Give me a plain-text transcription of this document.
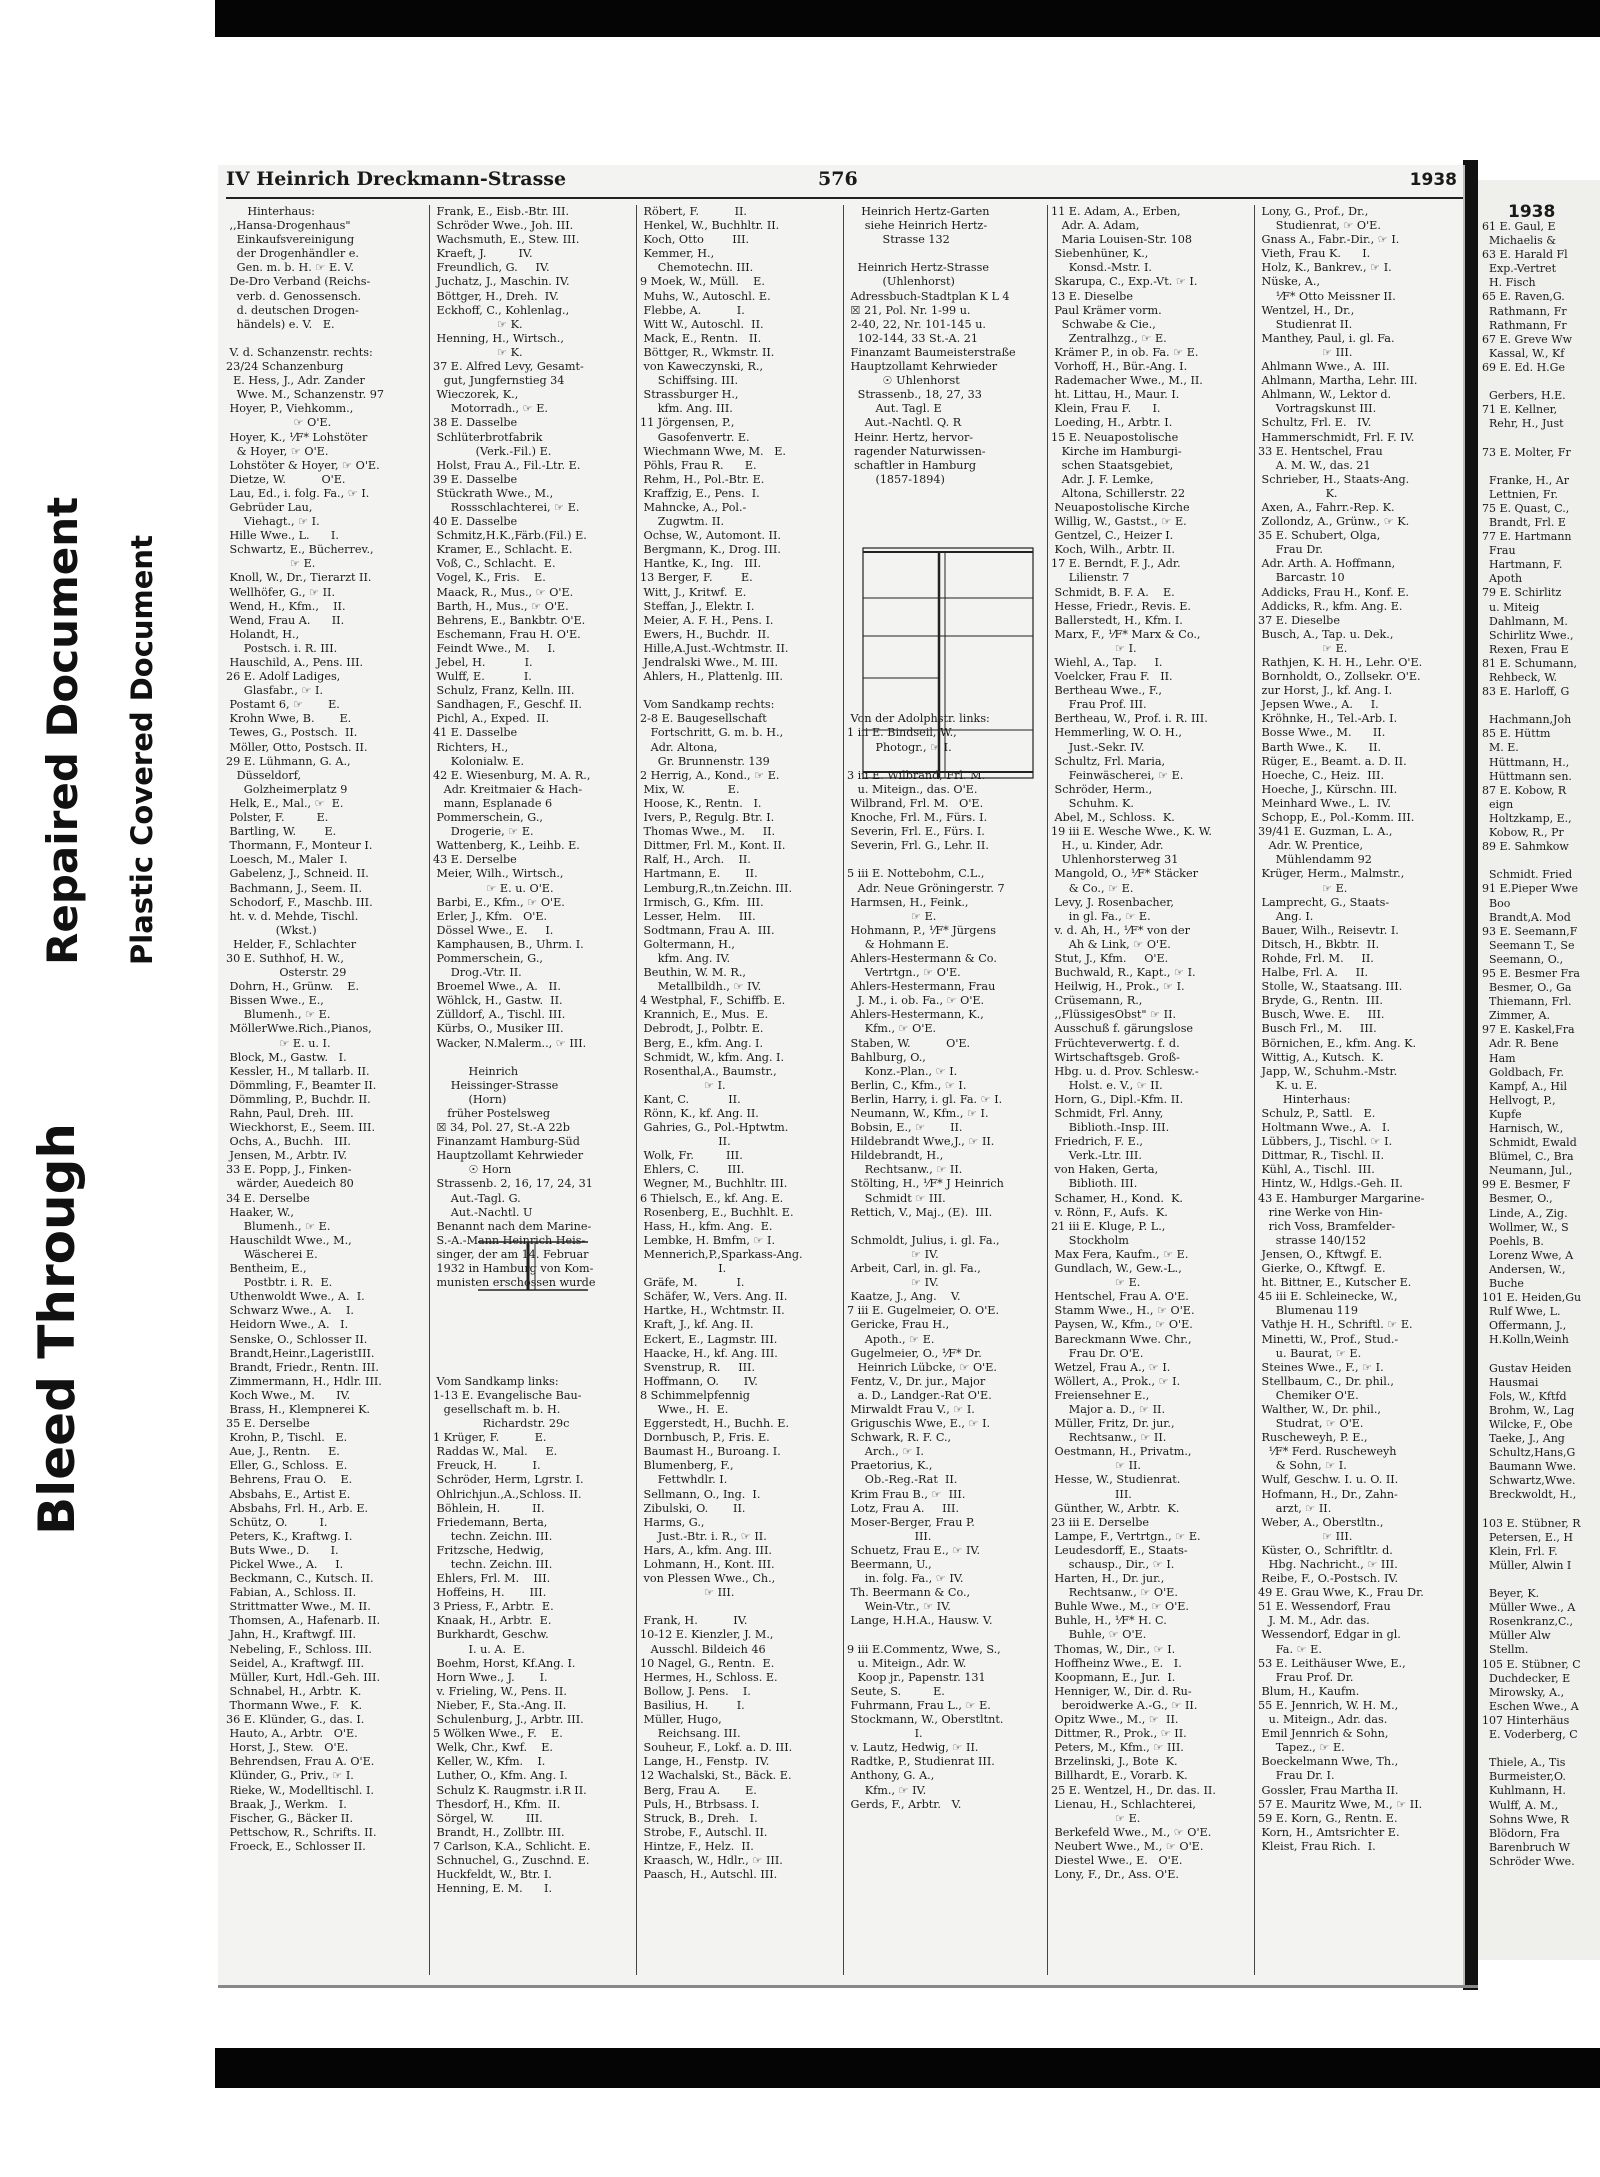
Bleed Through
Repaired Document Plastic Covered Document
IV Heinrich Dreckmann-Strasse	576	1938
Hinterhaus:
,,Hansa-Drogenhaus"
Einkaufsvereinigung
der Drogenhändler e.
Gen. m. b. H. ☞ E. V.
De-Dro Verband (Reichs-
verb. d. Genossensch.
d. deutschen Drogen-
händels) e. V.   E.

V. d. Schanzenstr. rechts:
23/24 Schanzenburg
E. Hess, J., Adr. Zander
Wwe. M., Schanzenstr. 97
Hoyer, P., Viehkomm.,
☞ O'E.
Hoyer, K., ⅟F* Lohstöter
& Hoyer, ☞ O'E.
Lohstöter & Hoyer, ☞ O'E.
Dietze, W.          O'E.
Lau, Ed., i. folg. Fa., ☞ I.
Gebrüder Lau,
Viehagt., ☞ I.
Hille Wwe., L.      I.
Schwartz, E., Bücherrev.,
☞ E.
Knoll, W., Dr., Tierarzt II.
Wellhöfer, G., ☞ II.
Wend, H., Kfm.,    II.
Wend, Frau A.      II.
Holandt, H.,
Postsch. i. R. III.
Hauschild, A., Pens. III.
26 E. Adolf Ladiges,
Glasfabr., ☞ I.
Postamt 6, ☞       E.
Krohn Wwe, B.       E.
Tewes, G., Postsch.  II.
Möller, Otto, Postsch. II.
29 E. Lühmann, G. A.,
Düsseldorf,
Golzheimerplatz 9
Helk, E., Mal., ☞  E.
Polster, F.         E.
Bartling, W.        E.
Thormann, F., Monteur I.
Loesch, M., Maler  I.
Gabelenz, J., Schneid. II.
Bachmann, J., Seem. II.
Schodorf, F., Maschb. III.
ht. v. d. Mehde, Tischl.
(Wkst.)
Helder, F., Schlachter
30 E. Suthhof, H. W.,
Osterstr. 29
Dohrn, H., Grünw.    E.
Bissen Wwe., E.,
Blumenh., ☞ E.
MöllerWwe.Rich.,Pianos,
☞ E. u. I.
Block, M., Gastw.   I.
Kessler, H., M tallarb. II.
Dömmling, F., Beamter II.
Dömmling, P., Buchdr. II.
Rahn, Paul, Dreh.  III.
Wieckhorst, E., Seem. III.
Ochs, A., Buchh.   III.
Jensen, M., Arbtr. IV.
33 E. Popp, J., Finken-
wärder, Auedeich 80
34 E. Derselbe
Haaker, W.,
Blumenh., ☞ E.
Hauschildt Wwe., M.,
Wäscherei E.
Bentheim, E.,
Postbtr. i. R.  E.
Uthenwoldt Wwe., A.  I.
Schwarz Wwe., A.    I.
Heidorn Wwe., A.   I.
Senske, O., Schlosser II.
Brandt,Heinr.,LageristIII.
Brandt, Friedr., Rentn. III.
Zimmermann, H., Hdlr. III.
Koch Wwe., M.      IV.
Brass, H., Klempnerei K.
35 E. Derselbe
Krohn, P., Tischl.   E.
Aue, J., Rentn.     E.
Eller, G., Schloss.  E.
Behrens, Frau O.    E.
Absbahs, E., Artist E.
Absbahs, Frl. H., Arb. E.
Schütz, O.         I.
Peters, K., Kraftwg. I.
Buts Wwe., D.      I.
Pickel Wwe., A.     I.
Beckmann, C., Kutsch. II.
Fabian, A., Schloss. II.
Strittmatter Wwe., M. II.
Thomsen, A., Hafenarb. II.
Jahn, H., Kraftwgf. III.
Nebeling, F., Schloss. III.
Seidel, A., Kraftwgf. III.
Müller, Kurt, Hdl.-Geh. III.
Schnabel, H., Arbtr.  K.
Thormann Wwe., F.   K.
36 E. Klünder, G., das. I.
Hauto, A., Arbtr.   O'E.
Horst, J., Stew.   O'E.
Behrendsen, Frau A. O'E.
Klünder, G., Priv., ☞ I.
Rieke, W., Modelltischl. I.
Braak, J., Werkm.   I.
Fischer, G., Bäcker II.
Pettschow, R., Schrifts. II.
Froeck, E., Schlosser II.
Frank, E., Eisb.-Btr. III.
Schröder Wwe., Joh. III.
Wachsmuth, E., Stew. III.
Kraeft, J.         IV.
Freundlich, G.     IV.
Juchatz, J., Maschin. IV.
Böttger, H., Dreh.  IV.
Eckhoff, C., Kohlenlag.,
☞ K.
Henning, H., Wirtsch.,
☞ K.
37 E. Alfred Levy, Gesamt-
gut, Jungfernstieg 34
Wieczorek, K.,
Motorradh., ☞ E.
38 E. Dasselbe
Schlüterbrotfabrik
(Verk.-Fil.) E.
Holst, Frau A., Fil.-Ltr. E.
39 E. Dasselbe
Stückrath Wwe., M.,
Rossschlachterei, ☞ E.
40 E. Dasselbe
Schmitz,H.K.,Färb.(Fil.) E.
Kramer, E., Schlacht. E.
Voß, C., Schlacht.  E.
Vogel, K., Fris.    E.
Maack, R., Mus., ☞ O'E.
Barth, H., Mus., ☞ O'E.
Behrens, E., Bankbtr. O'E.
Eschemann, Frau H. O'E.
Feindt Wwe., M.     I.
Jebel, H.           I.
Wulff, E.           I.
Schulz, Franz, Kelln. III.
Sandhagen, F., Geschf. II.
Pichl, A., Exped.  II.
41 E. Dasselbe
Richters, H.,
Kolonialw. E.
42 E. Wiesenburg, M. A. R.,
Adr. Kreitmaier & Hach-
mann, Esplanade 6
Pommerschein, G.,
Drogerie, ☞ E.
Wattenberg, K., Leihb. E.
43 E. Derselbe
Meier, Wilh., Wirtsch.,
☞ E. u. O'E.
Barbi, E., Kfm., ☞ O'E.
Erler, J., Kfm.   O'E.
Dössel Wwe., E.     I.
Kamphausen, B., Uhrm. I.
Pommerschein, G.,
Drog.-Vtr. II.
Broemel Wwe., A.   II.
Wöhlck, H., Gastw.  II.
Zülldorf, A., Tischl. III.
Kürbs, O., Musiker III.
Wacker, N.Malerm.., ☞ III.

Heinrich
Heissinger-Strasse
(Horn)
früher Postelsweg
☒ 34, Pol. 27, St.-A 22b
Finanzamt Hamburg-Süd
Hauptzollamt Kehrwieder
☉ Horn
Strassenb. 2, 16, 17, 24, 31
Aut.-Tagl. G.
Aut.-Nachtl. U
Benannt nach dem Marine-
S.-A.-Mann Heinrich Heis-
singer, der am 14. Februar
1932 in Hamburg von Kom-
munisten erschossen wurde

Vom Sandkamp links:
1-13 E. Evangelische Bau-
gesellschaft m. b. H.
Richardstr. 29c
1 Krüger, F.          E.
Raddas W., Mal.     E.
Freuck, H.          I.
Schröder, Herm, Lgrstr. I.
Ohlrichjun.,A.,Schloss. II.
Böhlein, H.         II.
Friedemann, Berta,
techn. Zeichn. III.
Fritzsche, Hedwig,
techn. Zeichn. III.
Ehlers, Frl. M.    III.
Hoffeins, H.       III.
3 Priess, F., Arbtr.  E.
Knaak, H., Arbtr.  E.
Burkhardt, Geschw.
I. u. A.  E.
Boehm, Horst, Kf.Ang. I.
Horn Wwe., J.       I.
v. Frieling, W., Pens. II.
Nieber, F., Sta.-Ang. II.
Schulenburg, J., Arbtr. III.
5 Wölken Wwe., F.    E.
Welk, Chr., Kwf.    E.
Keller, W., Kfm.    I.
Luther, O., Kfm. Ang. I.
Schulz K. Raugmstr. i.R II.
Thesdorf, H., Kfm.  II.
Sörgel, W.         III.
Brandt, H., Zollbtr. III.
7 Carlson, K.A., Schlicht. E.
Schnuchel, G., Zuschnd. E.
Huckfeldt, W., Btr. I.
Henning, E. M.      I.
Röbert, F.          II.
Henkel, W., Buchhltr. II.
Koch, Otto        III.
Kemmer, H.,
Chemotechn. III.
9 Moek, W., Müll.    E.
Muhs, W., Autoschl. E.
Flebbe, A.          I.
Witt W., Autoschl.  II.
Mack, E., Rentn.   II.
Böttger, R., Wkmstr. II.
von Kaweczynski, R.,
Schiffsing. III.
Strassburger H.,
kfm. Ang. III.
11 Jörgensen, P.,
Gasofenvertr. E.
Wiechmann Wwe, M.   E.
Pöhls, Frau R.      E.
Rehm, H., Pol.-Btr. E.
Kraffzig, E., Pens.  I.
Mahncke, A., Pol.-
Zugwtm. II.
Ochse, W., Automont. II.
Bergmann, K., Drog. III.
Hantke, K., Ing.   III.
13 Berger, F.        E.
Witt, J., Kritwf.  E.
Steffan, J., Elektr. I.
Meier, A. F. H., Pens. I.
Ewers, H., Buchdr.  II.
Hille,A.Just.-Wchtmstr. II.
Jendralski Wwe., M. III.
Ahlers, H., Plattenlg. III.

Vom Sandkamp rechts:
2-8 E. Baugesellschaft
Fortschritt, G. m. b. H.,
Adr. Altona,
Gr. Brunnenstr. 139
2 Herrig, A., Kond., ☞ E.
Mix, W.            E.
Hoose, K., Rentn.   I.
Ivers, P., Regulg. Btr. I.
Thomas Wwe., M.     II.
Dittmer, Frl. M., Kont. II.
Ralf, H., Arch.    II.
Hartmann, E.       II.
Lemburg,R.,tn.Zeichn. III.
Irmisch, G., Kfm.  III.
Lesser, Helm.     III.
Sodtmann, Frau A.  III.
Goltermann, H.,
kfm. Ang. IV.
Beuthin, W. M. R.,
Metallbildh., ☞ IV.
4 Westphal, F., Schiffb. E.
Krannich, E., Mus.  E.
Debrodt, J., Polbtr. E.
Berg, E., kfm. Ang. I.
Schmidt, W., kfm. Ang. I.
Rosenthal,A., Baumstr.,
☞ I.
Kant, C.           II.
Rönn, K., kf. Ang. II.
Gahries, G., Pol.-Hptwtm.
II.
Wolk, Fr.         III.
Ehlers, C.        III.
Wegner, M., Buchhltr. III.
6 Thielsch, E., kf. Ang. E.
Rosenberg, E., Buchhlt. E.
Hass, H., kfm. Ang.  E.
Lembke, H. Bmfm, ☞ I.
Mennerich,P.,Sparkass-Ang.
I.
Gräfe, M.           I.
Schäfer, W., Vers. Ang. II.
Hartke, H., Wchtmstr. II.
Kraft, J., kf. Ang. II.
Eckert, E., Lagmstr. III.
Haacke, H., kf. Ang. III.
Svenstrup, R.     III.
Hoffmann, O.       IV.
8 Schimmelpfennig
Wwe., H.  E.
Eggerstedt, H., Buchh. E.
Dornbusch, P., Fris. E.
Baumast H., Buroang. I.
Blumenberg, F.,
Fettwhdlr. I.
Sellmann, O., Ing.  I.
Zibulski, O.       II.
Harms, G.,
Just.-Btr. i. R., ☞ II.
Hars, A., kfm. Ang. III.
Lohmann, H., Kont. III.
von Plessen Wwe., Ch.,
☞ III.

Frank, H.          IV.
10-12 E. Kienzler, J. M.,
Ausschl. Bildeich 46
10 Nagel, G., Rentn.  E.
Hermes, H., Schloss. E.
Bollow, J. Pens.    I.
Basilius, H.        I.
Müller, Hugo,
Reichsang. III.
Souheur, F., Lokf. a. D. III.
Lange, H., Fenstp.  IV.
12 Wachalski, St., Bäck. E.
Berg, Frau A.       E.
Puls, H., Btrbsass. I.
Struck, B., Dreh.   I.
Strobe, F., Autschl. II.
Hintze, F., Helz.  II.
Kraasch, W., Hdlr., ☞ III.
Paasch, H., Autschl. III.
Heinrich Hertz-Garten
siehe Heinrich Hertz-
Strasse 132

Heinrich Hertz-Strasse
(Uhlenhorst)
Adressbuch-Stadtplan K L 4
☒ 21, Pol. Nr. 1-99 u.
2-40, 22, Nr. 101-145 u.
102-144, 33 St.-A. 21
Finanzamt Baumeisterstraße
Hauptzollamt Kehrwieder
☉ Uhlenhorst
Strassenb., 18, 27, 33
Aut. Tagl. E
Aut.-Nachtl. Q. R
Heinr. Hertz, hervor-
ragender Naturwissen-
schaftler in Hamburg
(1857-1894)

Von der Adolphstr. links:
1 ⅲ E. Bindseil, W.,
Photogr., ☞ I.

3 ⅲ E. Wilbrand, Frl. M.
u. Miteign., das. O'E.
Wilbrand, Frl. M.   O'E.
Knoche, Frl. M., Fürs. I.
Severin, Frl. E., Fürs. I.
Severin, Frl. G., Lehr. II.

5 ⅲ E. Nottebohm, C.L.,
Adr. Neue Gröningerstr. 7
Harmsen, H., Feink.,
☞ E.
Hohmann, P., ⅟F* Jürgens
& Hohmann E.
Ahlers-Hestermann & Co.
Vertrtgn., ☞ O'E.
Ahlers-Hestermann, Frau
J. M., i. ob. Fa., ☞ O'E.
Ahlers-Hestermann, K.,
Kfm., ☞ O'E.
Staben, W.          O'E.
Bahlburg, O.,
Konz.-Plan., ☞ I.
Berlin, C., Kfm., ☞ I.
Berlin, Harry, i. gl. Fa. ☞ I.
Neumann, W., Kfm., ☞ I.
Bobsin, E., ☞       II.
Hildebrandt Wwe,J., ☞ II.
Hildebrandt, H.,
Rechtsanw., ☞ II.
Stölting, H., ⅟F* J Heinrich
Schmidt ☞ III.
Rettich, V., Maj., (E).  III.

Schmoldt, Julius, i. gl. Fa.,
☞ IV.
Arbeit, Carl, in. gl. Fa.,
☞ IV.
Kaatze, J., Ang.    V.
7 ⅲ E. Gugelmeier, O. O'E.
Gericke, Frau H.,
Apoth., ☞ E.
Gugelmeier, O., ⅟F* Dr.
Heinrich Lübcke, ☞ O'E.
Fentz, V., Dr. jur., Major
a. D., Landger.-Rat O'E.
Mirwaldt Frau V., ☞ I.
Griguschis Wwe, E., ☞ I.
Schwark, R. F. C.,
Arch., ☞ I.
Praetorius, K.,
Ob.-Reg.-Rat  II.
Krim Frau B., ☞  III.
Lotz, Frau A.     III.
Moser-Berger, Frau P.
III.
Schuetz, Frau E., ☞ IV.
Beermann, U.,
in. folg. Fa., ☞ IV.
Th. Beermann & Co.,
Wein-Vtr., ☞ IV.
Lange, H.H.A., Hausw. V.

9 ⅲ E.Commentz, Wwe, S.,
u. Miteign., Adr. W.
Koop jr., Papenstr. 131
Seute, S.         E.
Fuhrmann, Frau L., ☞ E.
Stockmann, W., Oberstltnt.
I.
v. Lautz, Hedwig, ☞ II.
Radtke, P., Studienrat III.
Anthony, G. A.,
Kfm., ☞ IV.
Gerds, F., Arbtr.   V.
11 E. Adam, A., Erben,
Adr. A. Adam,
Maria Louisen-Str. 108
Siebenhüner, K.,
Konsd.-Mstr. I.
Skarupa, C., Exp.-Vt. ☞ I.
13 E. Dieselbe
Paul Krämer vorm.
Schwabe & Cie.,
Zentralhzg., ☞ E.
Krämer P., in ob. Fa. ☞ E.
Vorhoff, H., Bür.-Ang. I.
Rademacher Wwe., M., II.
ht. Littau, H., Maur. I.
Klein, Frau F.      I.
Loeding, H., Arbtr. I.
15 E. Neuapostolische
Kirche im Hamburgi-
schen Staatsgebiet,
Adr. J. F. Lemke,
Altona, Schillerstr. 22
Neuapostolische Kirche
Willig, W., Gastst., ☞ E.
Gentzel, C., Heizer I.
Koch, Wilh., Arbtr. II.
17 E. Berndt, F. J., Adr.
Lilienstr. 7
Schmidt, B. F. A.    E.
Hesse, Friedr., Revis. E.
Ballerstedt, H., Kfm. I.
Marx, F., ⅟F* Marx & Co.,
☞ I.
Wiehl, A., Tap.     I.
Voelcker, Frau F.   II.
Bertheau Wwe., F.,
Frau Prof. III.
Bertheau, W., Prof. i. R. III.
Hemmerling, W. O. H.,
Just.-Sekr. IV.
Schultz, Frl. Maria,
Feinwäscherei, ☞ E.
Schröder, Herm.,
Schuhm. K.
Abel, M., Schloss.  K.
19 ⅲ E. Wesche Wwe., K. W.
H., u. Kinder, Adr.
Uhlenhorsterweg 31
Mangold, O., ⅟F* Stäcker
& Co., ☞ E.
Levy, J. Rosenbacher,
in gl. Fa., ☞ E.
v. d. Ah, H., ⅟F* von der
Ah & Link, ☞ O'E.
Stut, J., Kfm.     O'E.
Buchwald, R., Kapt., ☞ I.
Heilwig, H., Prok., ☞ I.
Crüsemann, R.,
,,FlüssigesObst" ☞ II.
Ausschuß f. gärungslose
Früchteverwertg. f. d.
Wirtschaftsgeb. Groß-
Hbg. u. d. Prov. Schlesw.-
Holst. e. V., ☞ II.
Horn, G., Dipl.-Kfm. II.
Schmidt, Frl. Anny,
Biblioth.-Insp. III.
Friedrich, F. E.,
Verk.-Ltr. III.
von Haken, Gerta,
Biblioth. III.
Schamer, H., Kond.  K.
v. Rönn, F., Aufs.  K.
21 ⅲ E. Kluge, P. L.,
Stockholm
Max Fera, Kaufm., ☞ E.
Gundlach, W., Gew.-L.,
☞ E.
Hentschel, Frau A. O'E.
Stamm Wwe., H., ☞ O'E.
Paysen, W., Kfm., ☞ O'E.
Bareckmann Wwe. Chr.,
Frau Dr. O'E.
Wetzel, Frau A., ☞ I.
Wöllert, A., Prok., ☞ I.
Freiensehner E.,
Major a. D., ☞ II.
Müller, Fritz, Dr. jur.,
Rechtsanw., ☞ II.
Oestmann, H., Privatm.,
☞ II.
Hesse, W., Studienrat.
III.
Günther, W., Arbtr.  K.
23 ⅲ E. Derselbe
Lampe, F., Vertrtgn., ☞ E.
Leudesdorff, E., Staats-
schausp., Dir., ☞ I.
Harten, H., Dr. jur.,
Rechtsanw., ☞ O'E.
Buhle Wwe., M., ☞ O'E.
Buhle, H., ⅟F* H. C.
Buhle, ☞ O'E.
Thomas, W., Dir., ☞ I.
Hoffheinz Wwe., E.   I.
Koopmann, E., Jur.  I.
Henniger, W., Dir. d. Ru-
beroidwerke A.-G., ☞ II.
Opitz Wwe., M., ☞  II.
Dittmer, R., Prok., ☞ II.
Peters, M., Kfm., ☞ III.
Brzelinski, J., Bote  K.
Billhardt, E., Vorarb. K.
25 E. Wentzel, H., Dr. das. II.
Lienau, H., Schlachterei,
☞ E.
Berkefeld Wwe., M., ☞ O'E.
Neubert Wwe., M., ☞ O'E.
Diestel Wwe., E.   O'E.
Lony, F., Dr., Ass. O'E.
Lony, G., Prof., Dr.,
Studienrat, ☞ O'E.
Gnass A., Fabr.-Dir., ☞ I.
Vieth, Frau K.      I.
Holz, K., Bankrev., ☞ I.
Nüske, A.,
⅟F* Otto Meissner II.
Wentzel, H., Dr.,
Studienrat II.
Manthey, Paul, i. gl. Fa.
☞ III.
Ahlmann Wwe., A.  III.
Ahlmann, Martha, Lehr. III.
Ahlmann, W., Lektor d.
Vortragskunst III.
Schultz, Frl. E.   IV.
Hammerschmidt, Frl. F. IV.
33 E. Hentschel, Frau
A. M. W., das. 21
Schrieber, H., Staats-Ang.
K.
Axen, A., Fahrr.-Rep. K.
Zollondz, A., Grünw., ☞ K.
35 E. Schubert, Olga,
Frau Dr.
Adr. Arth. A. Hoffmann,
Barcastr. 10
Addicks, Frau H., Konf. E.
Addicks, R., kfm. Ang. E.
37 E. Dieselbe
Busch, A., Tap. u. Dek.,
☞ E.
Rathjen, K. H. H., Lehr. O'E.
Bornholdt, O., Zollsekr. O'E.
zur Horst, J., kf. Ang. I.
Jepsen Wwe., A.     I.
Kröhnke, H., Tel.-Arb. I.
Bosse Wwe., M.      II.
Barth Wwe., K.      II.
Rüger, E., Beamt. a. D. II.
Hoeche, C., Heiz.  III.
Hoeche, J., Kürschn. III.
Meinhard Wwe., L.  IV.
Schopp, E., Pol.-Komm. III.
39/41 E. Guzman, L. A.,
Adr. W. Prentice,
Mühlendamm 92
Krüger, Herm., Malmstr.,
☞ E.
Lamprecht, G., Staats-
Ang. I.
Bauer, Wilh., Reisevtr. I.
Ditsch, H., Bkbtr.  II.
Rohde, Frl. M.     II.
Halbe, Frl. A.     II.
Stolle, W., Staatsang. III.
Bryde, G., Rentn.  III.
Busch, Wwe. E.     III.
Busch Frl., M.     III.
Börnichen, E., kfm. Ang. K.
Wittig, A., Kutsch.  K.
Japp, W., Schuhm.-Mstr.
K. u. E.
Hinterhaus:
Schulz, P., Sattl.   E.
Holtmann Wwe., A.   I.
Lübbers, J., Tischl. ☞ I.
Dittmar, R., Tischl. II.
Kühl, A., Tischl.  III.
Hintz, W., Hdlgs.-Geh. II.
43 E. Hamburger Margarine-
rine Werke von Hin-
rich Voss, Bramfelder-
strasse 140/152
Jensen, O., Kftwgf. E.
Gierke, O., Kftwgf.  E.
ht. Bittner, E., Kutscher E.
45 ⅲ E. Schleinecke, W.,
Blumenau 119
Vathje H. H., Schriftl. ☞ E.
Minetti, W., Prof., Stud.-
u. Baurat, ☞ E.
Steines Wwe., F., ☞ I.
Stellbaum, C., Dr. phil.,
Chemiker O'E.
Walther, W., Dr. phil.,
Studrat, ☞ O'E.
Ruscheweyh, P. E.,
⅟F* Ferd. Ruscheweyh
& Sohn, ☞ I.
Wulf, Geschw. I. u. O. II.
Hofmann, H., Dr., Zahn-
arzt, ☞ II.
Weber, A., Oberstltn.,
☞ III.
Küster, O., Schriftltr. d.
Hbg. Nachricht., ☞ III.
Reibe, F., O.-Postsch. IV.
49 E. Grau Wwe, K., Frau Dr.
51 E. Wessendorf, Frau
J. M. M., Adr. das.
Wessendorf, Edgar in gl.
Fa. ☞ E.
53 E. Leithäuser Wwe, E.,
Frau Prof. Dr.
Blum, H., Kaufm.
55 E. Jennrich, W. H. M.,
u. Miteign., Adr. das.
Emil Jennrich & Sohn,
Tapez., ☞ E.
Boeckelmann Wwe, Th.,
Frau Dr. I.
Gossler, Frau Martha II.
57 E. Mauritz Wwe, M., ☞ II.
59 E. Korn, G., Rentn. E.
Korn, H., Amtsrichter E.
Kleist, Frau Rich.  I.
1938
61 E. Gaul, E
Michaelis &
63 E. Harald Fl
Exp.-Vertret
H. Fisch
65 E. Raven,G.
Rathmann, Fr
Rathmann, Fr
67 E. Greve Ww
Kassal, W., Kf
69 E. Ed. H.Ge

Gerbers, H.E.
71 E. Kellner,
Rehr, H., Just

73 E. Molter, Fr

Franke, H., Ar
Lettnien, Fr.
75 E. Quast, C.,
Brandt, Frl. E
77 E. Hartmann
Frau
Hartmann, F.
Apoth
79 E. Schirlitz
u. Miteig
Dahlmann, M.
Schirlitz Wwe.,
Rexen, Frau E
81 E. Schumann,
Rehbeck, W.
83 E. Harloff, G

Hachmann,Joh
85 E. Hüttm
M. E.
Hüttmann, H.,
Hüttmann sen.
87 E. Kobow, R
eign
Holtzkamp, E.,
Kobow, R., Pr
89 E. Sahmkow

Schmidt. Fried
91 E.Pieper Wwe
Boo
Brandt,A. Mod
93 E. Seemann,F
Seemann T., Se
Seemann, O.,
95 E. Besmer Fra
Besmer, O., Ga
Thiemann, Frl.
Zimmer, A.
97 E. Kaskel,Fra
Adr. R. Bene
Ham
Goldbach, Fr.
Kampf, A., Hil
Hellvogt, P.,
Kupfe
Harnisch, W.,
Schmidt, Ewald
Blümel, C., Bra
Neumann, Jul.,
99 E. Besmer, F
Besmer, O.,
Linde, A., Zig.
Wollmer, W., S
Poehls, B.
Lorenz Wwe, A
Andersen, W.,
Buche
101 E. Heiden,Gu
Rulf Wwe, L.
Offermann, J.,
H.Kolln,Weinh

Gustav Heiden
Hausmai
Fols, W., Kftfd
Brohm, W., Lag
Wilcke, F., Obe
Taeke, J., Ang
Schultz,Hans,G
Baumann Wwe.
Schwartz,Wwe.
Breckwoldt, H.,

103 E. Stübner, R
Petersen, E., H
Klein, Frl. F.
Müller, Alwin I

Beyer, K.
Müller Wwe., A
Rosenkranz,C.,
Müller Alw
Stellm.
105 E. Stübner, C
Duchdecker, E
Mirowsky, A.,
Eschen Wwe., A
107 Hinterhäus
E. Voderberg, C

Thiele, A., Tis
Burmeister,O.
Kuhlmann, H.
Wulff, A. M.,
Sohns Wwe, R
Blödorn, Fra
Barenbruch W
Schröder Wwe.
